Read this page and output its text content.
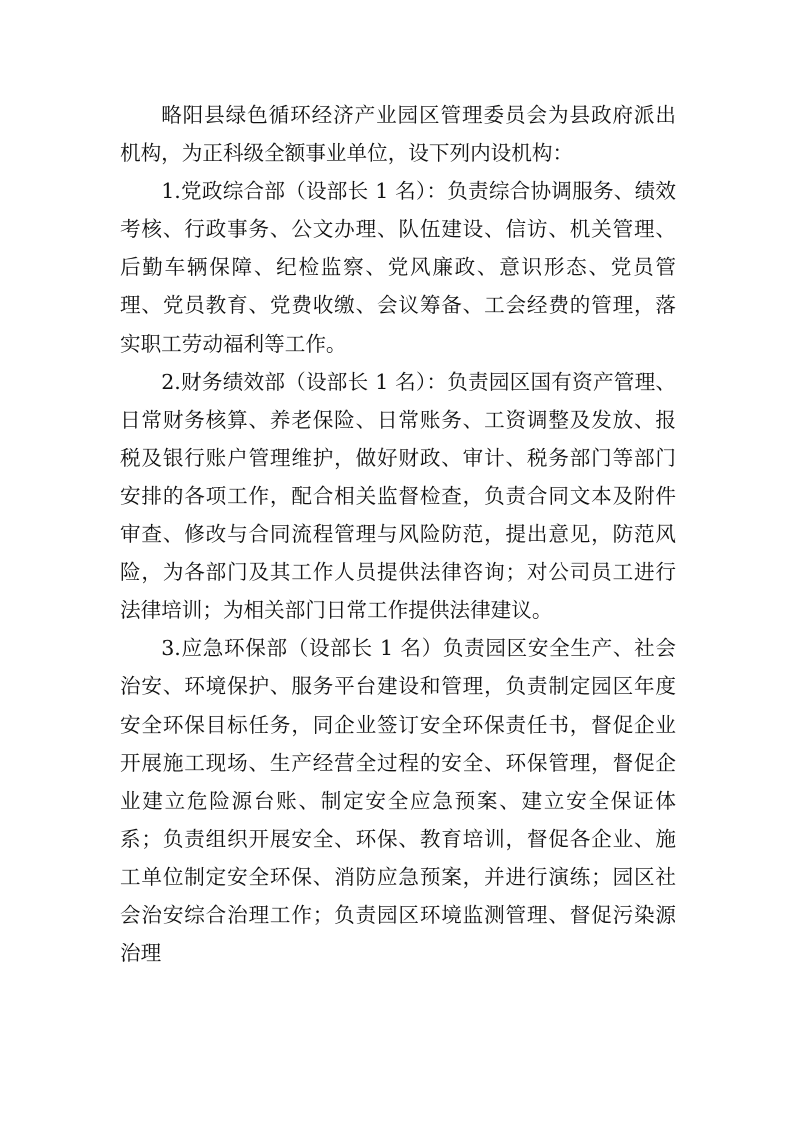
略阳县绿色循环经济产业园区管理委员会为县政府派出机构，为正科级全额事业单位，设下列内设机构：

1.党政综合部（设部长 1 名）：负责综合协调服务、绩效考核、行政事务、公文办理、队伍建设、信访、机关管理、后勤车辆保障、纪检监察、党风廉政、意识形态、党员管理、党员教育、党费收缴、会议筹备、工会经费的管理，落实职工劳动福利等工作。

2.财务绩效部（设部长 1 名）：负责园区国有资产管理、日常财务核算、养老保险、日常账务、工资调整及发放、报税及银行账户管理维护，做好财政、审计、税务部门等部门安排的各项工作，配合相关监督检查，负责合同文本及附件审查、修改与合同流程管理与风险防范，提出意见，防范风险，为各部门及其工作人员提供法律咨询；对公司员工进行法律培训；为相关部门日常工作提供法律建议。

3.应急环保部（设部长 1 名）负责园区安全生产、社会治安、环境保护、服务平台建设和管理，负责制定园区年度安全环保目标任务，同企业签订安全环保责任书，督促企业开展施工现场、生产经营全过程的安全、环保管理，督促企业建立危险源台账、制定安全应急预案、建立安全保证体系；负责组织开展安全、环保、教育培训，督促各企业、施工单位制定安全环保、消防应急预案，并进行演练；园区社会治安综合治理工作；负责园区环境监测管理、督促污染源治理
